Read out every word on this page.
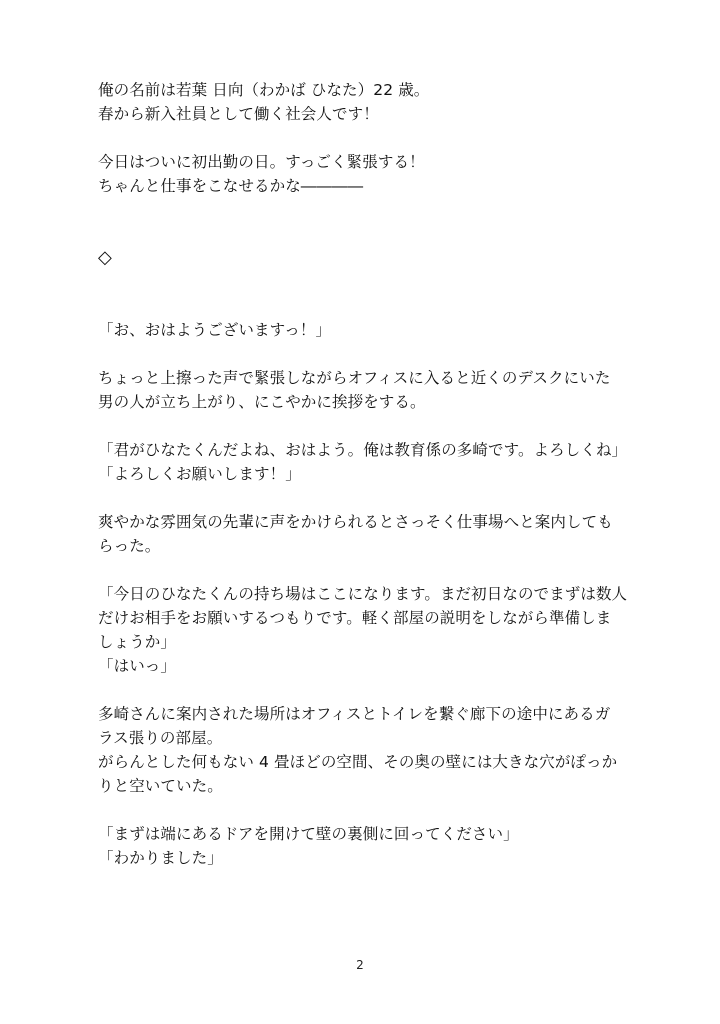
俺の名前は若葉 日向（わかば ひなた）22 歳。
春から新入社員として働く社会人です！
今日はついに初出勤の日。すっごく緊張する！
ちゃんと仕事をこなせるかな――――
◇
「お、おはようございますっ！」
ちょっと上擦った声で緊張しながらオフィスに入ると近くのデスクにいた
男の人が立ち上がり、にこやかに挨拶をする。
「君がひなたくんだよね、おはよう。俺は教育係の多崎です。よろしくね」
「よろしくお願いします！」
爽やかな雰囲気の先輩に声をかけられるとさっそく仕事場へと案内しても
らった。
「今日のひなたくんの持ち場はここになります。まだ初日なのでまずは数人
だけお相手をお願いするつもりです。軽く部屋の説明をしながら準備しま
しょうか」
「はいっ」
多崎さんに案内された場所はオフィスとトイレを繋ぐ廊下の途中にあるガ
ラス張りの部屋。
がらんとした何もない 4 畳ほどの空間、その奥の壁には大きな穴がぽっか
りと空いていた。
「まずは端にあるドアを開けて壁の裏側に回ってください」
「わかりました」
2
